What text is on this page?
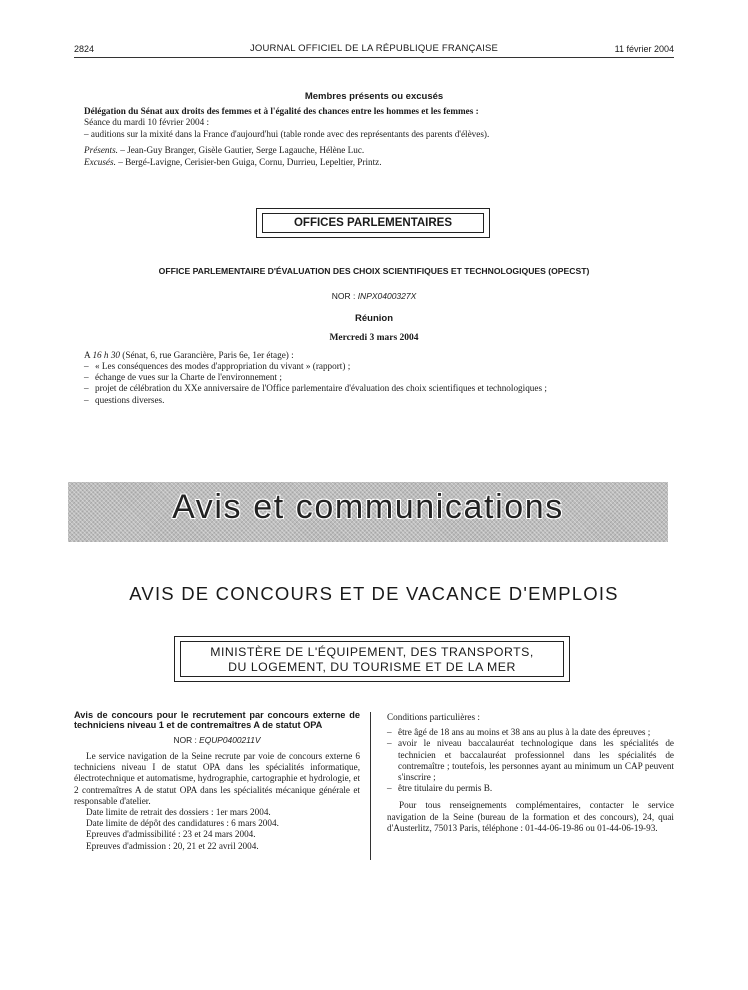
2824	JOURNAL OFFICIEL DE LA RÉPUBLIQUE FRANÇAISE	11 février 2004
Membres présents ou excusés
Délégation du Sénat aux droits des femmes et à l'égalité des chances entre les hommes et les femmes :
Séance du mardi 10 février 2004 :
– auditions sur la mixité dans la France d'aujourd'hui (table ronde avec des représentants des parents d'élèves).
Présents. – Jean-Guy Branger, Gisèle Gautier, Serge Lagauche, Hélène Luc.
Excusés. – Bergé-Lavigne, Cerisier-ben Guiga, Cornu, Durrieu, Lepeltier, Printz.
OFFICES PARLEMENTAIRES
OFFICE PARLEMENTAIRE D'ÉVALUATION DES CHOIX SCIENTIFIQUES ET TECHNOLOGIQUES (OPECST)
NOR : INPX0400327X
Réunion
Mercredi 3 mars 2004
A 16 h 30 (Sénat, 6, rue Garancière, Paris 6e, 1er étage) :
– « Les conséquences des modes d'appropriation du vivant » (rapport) ;
– échange de vues sur la Charte de l'environnement ;
– projet de célébration du XXe anniversaire de l'Office parlementaire d'évaluation des choix scientifiques et technologiques ;
– questions diverses.
Avis et communications
AVIS DE CONCOURS ET DE VACANCE D'EMPLOIS
MINISTÈRE DE L'ÉQUIPEMENT, DES TRANSPORTS,
DU LOGEMENT, DU TOURISME ET DE LA MER

Avis de concours pour le recrutement par concours externe de techniciens niveau 1 et de contremaîtres A de statut OPA

NOR : EQUP0400211V

Le service navigation de la Seine recrute par voie de concours externe 6 techniciens niveau I de statut OPA dans les spécialités informatique, électrotechnique et automatisme, hydrographie, cartographie et hydrologie, et 2 contremaîtres A de statut OPA dans les spécialités mécanique générale et responsable d'atelier.

Date limite de retrait des dossiers : 1er mars 2004.

Date limite de dépôt des candidatures : 6 mars 2004.

Epreuves d'admissibilité : 23 et 24 mars 2004.

Epreuves d'admission : 20, 21 et 22 avril 2004.

Conditions particulières :

– être âgé de 18 ans au moins et 38 ans au plus à la date des épreuves ;
– avoir le niveau baccalauréat technologique dans les spécialités de technicien et baccalauréat professionnel dans les spécialités de contremaître ; toutefois, les personnes ayant au minimum un CAP peuvent s'inscrire ;
– être titulaire du permis B.

Pour tous renseignements complémentaires, contacter le service navigation de la Seine (bureau de la formation et des concours), 24, quai d'Austerlitz, 75013 Paris, téléphone : 01-44-06-19-86 ou 01-44-06-19-93.
